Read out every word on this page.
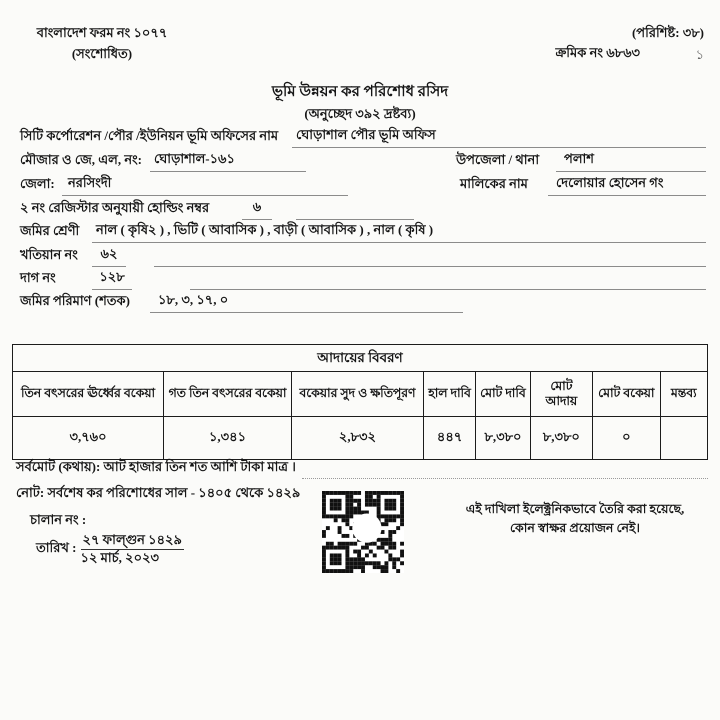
বাংলাদেশ ফরম নং ১০৭৭
(সংশোধিত)
(পরিশিষ্ট: ৩৮)
ক্রমিক নং ৬৮৬৩	১
ভূমি উন্নয়ন কর পরিশোধ রসিদ
(অনুচ্ছেদ ৩৯২ দ্রষ্টব্য)
সিটি কর্পোরেশন /পৌর /ইউনিয়ন ভূমি অফিসের নাম	ঘোড়াশাল পৌর ভূমি অফিস
মৌজার ও জে, এল, নং: ঘোড়াশাল-১৬১	উপজেলা / থানা	পলাশ
জেলা:	নরসিংদী	মালিকের নাম	দেলোয়ার হোসেন গং
২ নং রেজিস্টার অনুযায়ী হোল্ডিং নম্বর	৬
জমির শ্রেণী	নাল ( কৃষি২ ) , ভিটি ( আবাসিক ) , বাড়ী ( আবাসিক ) , নাল ( কৃষি )
খতিয়ান নং	৬২
দাগ নং	১২৮
জমির পরিমাণ (শতক)	১৮, ৩, ১৭, ০
আদায়ের বিবরণ							
তিন বৎসরের ঊর্ধ্বের বকেয়া	গত তিন বৎসরের বকেয়া	বকেয়ার সুদ ও ক্ষতিপূরণ	হাল দাবি	মোট দাবি	মোট আদায়	মোট বকেয়া	মন্তব্য
৩,৭৬০	১,৩৪১	২,৮৩২	৪৪৭	৮,৩৮০	৮,৩৮০	০	
সর্বমোট (কথায়): আট হাজার তিন শত আশি টাকা মাত্র ।
নোট: সর্বশেষ কর পরিশোধের সাল - ১৪০৫ থেকে ১৪২৯
চালান নং :
তারিখ :
২৭ ফাল্গুন ১৪২৯
১২ মার্চ, ২০২৩
এই দাখিলা ইলেক্ট্রনিকভাবে তৈরি করা হয়েছে,
কোন স্বাক্ষর প্রয়োজন নেই।
